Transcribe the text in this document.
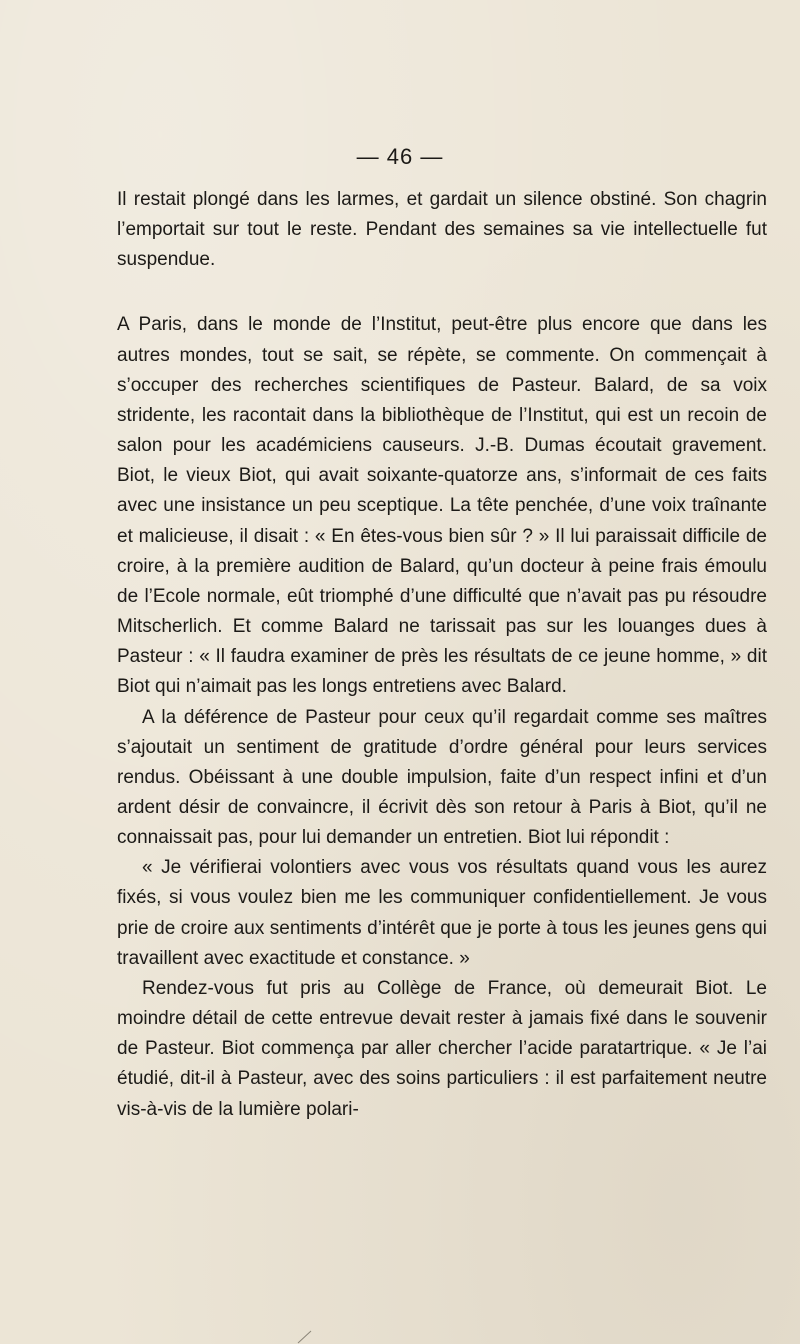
— 46 —

Il restait plongé dans les larmes, et gardait un silence obstiné. Son chagrin l’emportait sur tout le reste. Pendant des semaines sa vie intellectuelle fut suspendue.

A Paris, dans le monde de l’Institut, peut-être plus encore que dans les autres mondes, tout se sait, se répète, se commente. On commençait à s’occuper des recherches scientifiques de Pasteur. Balard, de sa voix stridente, les racontait dans la bibliothèque de l’Institut, qui est un recoin de salon pour les académiciens causeurs. J.-B. Dumas écoutait gravement. Biot, le vieux Biot, qui avait soixante-quatorze ans, s’informait de ces faits avec une insistance un peu sceptique. La tête penchée, d’une voix traînante et malicieuse, il disait : « En êtes-vous bien sûr ? » Il lui paraissait difficile de croire, à la première audition de Balard, qu’un docteur à peine frais émoulu de l’Ecole normale, eût triomphé d’une difficulté que n’avait pas pu résoudre Mitscherlich. Et comme Balard ne tarissait pas sur les louanges dues à Pasteur : « Il faudra examiner de près les résultats de ce jeune homme, » dit Biot qui n’aimait pas les longs entretiens avec Balard.

A la déférence de Pasteur pour ceux qu’il regardait comme ses maîtres s’ajoutait un sentiment de gratitude d’ordre général pour leurs services rendus. Obéissant à une double impulsion, faite d’un respect infini et d’un ardent désir de convaincre, il écrivit dès son retour à Paris à Biot, qu’il ne connaissait pas, pour lui demander un entretien. Biot lui répondit :

« Je vérifierai volontiers avec vous vos résultats quand vous les aurez fixés, si vous voulez bien me les communiquer confidentiellement. Je vous prie de croire aux sentiments d’intérêt que je porte à tous les jeunes gens qui travaillent avec exactitude et constance. »

Rendez-vous fut pris au Collège de France, où demeurait Biot. Le moindre détail de cette entrevue devait rester à jamais fixé dans le souvenir de Pasteur. Biot commença par aller chercher l’acide paratartrique. « Je l’ai étudié, dit-il à Pasteur, avec des soins particuliers : il est parfaitement neutre vis-à-vis de la lumière polari-
